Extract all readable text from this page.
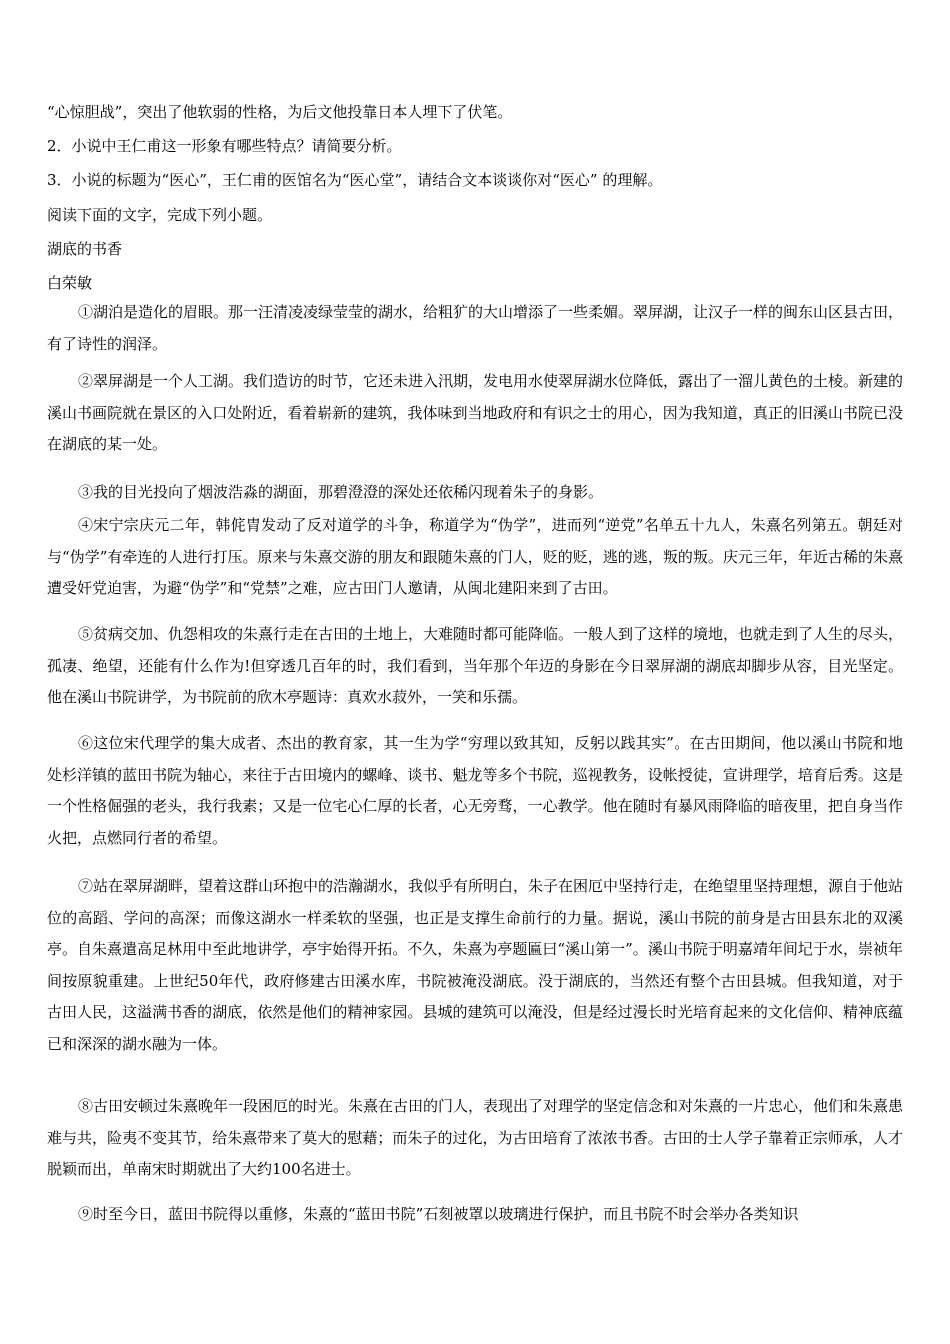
“心惊胆战”，突出了他软弱的性格，为后文他投靠日本人埋下了伏笔。
2．小说中王仁甫这一形象有哪些特点？请简要分析。
3．小说的标题为“医心”，王仁甫的医馆名为“医心堂”，请结合文本谈谈你对“医心” 的理解。
阅读下面的文字，完成下列小题。
湖底的书香
白荣敏
①湖泊是造化的眉眼。那一汪清凌凌绿莹莹的湖水，给粗犷的大山增添了一些柔媚。翠屏湖，让汉子一样的闽东山区县古田，有了诗性的润泽。
②翠屏湖是一个人工湖。我们造访的时节，它还未进入汛期，发电用水使翠屏湖水位降低，露出了一溜儿黄色的土棱。新建的溪山书画院就在景区的入口处附近，看着崭新的建筑，我体味到当地政府和有识之士的用心，因为我知道，真正的旧溪山书院已没在湖底的某一处。
③我的目光投向了烟波浩淼的湖面，那碧澄澄的深处还依稀闪现着朱子的身影。
④宋宁宗庆元二年，韩侂胄发动了反对道学的斗争，称道学为“伪学”，进而列“逆党”名单五十九人，朱熹名列第五。朝廷对与“伪学”有牵连的人进行打压。原来与朱熹交游的朋友和跟随朱熹的门人，贬的贬，逃的逃，叛的叛。庆元三年，年近古稀的朱熹遭受奸党迫害，为避“伪学”和“党禁”之难，应古田门人邀请，从闽北建阳来到了古田。
⑤贫病交加、仇怨相攻的朱熹行走在古田的土地上，大难随时都可能降临。一般人到了这样的境地，也就走到了人生的尽头，孤凄、绝望，还能有什么作为!但穿透几百年的时，我们看到，当年那个年迈的身影在今日翠屏湖的湖底却脚步从容，目光坚定。他在溪山书院讲学，为书院前的欣木亭题诗：真欢水菽外，一笑和乐孺。
⑥这位宋代理学的集大成者、杰出的教育家，其一生为学“穷理以致其知，反躬以践其实”。在古田期间，他以溪山书院和地处杉洋镇的蓝田书院为轴心，来往于古田境内的螺峰、谈书、魁龙等多个书院，巡视教务，设帐授徒，宣讲理学，培育后秀。这是一个性格倔强的老头，我行我素；又是一位宅心仁厚的长者，心无旁骛，一心教学。他在随时有暴风雨降临的暗夜里，把自身当作火把，点燃同行者的希望。
⑦站在翠屏湖畔，望着这群山环抱中的浩瀚湖水，我似乎有所明白，朱子在困厄中坚持行走，在绝望里坚持理想，源自于他站位的高蹈、学问的高深；而像这湖水一样柔软的坚强，也正是支撑生命前行的力量。据说，溪山书院的前身是古田县东北的双溪亭。自朱熹遣高足林用中至此地讲学，亭宇始得开拓。不久，朱熹为亭题匾曰“溪山第一”。溪山书院于明嘉靖年间圮于水，崇祯年间按原貌重建。上世纪50年代，政府修建古田溪水库，书院被淹没湖底。没于湖底的，当然还有整个古田县城。但我知道，对于古田人民，这溢满书香的湖底，依然是他们的精神家园。县城的建筑可以淹没，但是经过漫长时光培育起来的文化信仰、精神底蕴已和深深的湖水融为一体。
⑧古田安顿过朱熹晚年一段困厄的时光。朱熹在古田的门人，表现出了对理学的坚定信念和对朱熹的一片忠心，他们和朱熹患难与共，险夷不变其节，给朱熹带来了莫大的慰藉；而朱子的过化，为古田培育了浓浓书香。古田的士人学子靠着正宗师承，人才脱颖而出，单南宋时期就出了大约100名进士。
⑨时至今日，蓝田书院得以重修，朱熹的“蓝田书院”石刻被罩以玻璃进行保护，而且书院不时会举办各类知识
